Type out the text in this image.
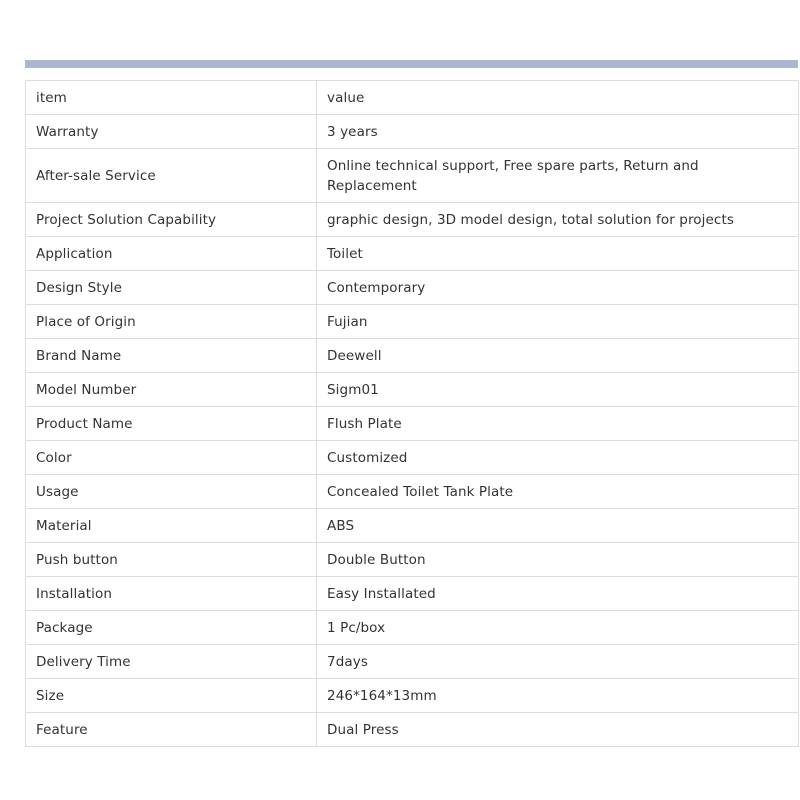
item	value
Warranty	3 years
After-sale Service	Online technical support, Free spare parts, Return and Replacement
Project Solution Capability	graphic design, 3D model design, total solution for projects
Application	Toilet
Design Style	Contemporary
Place of Origin	Fujian
Brand Name	Deewell
Model Number	Sigm01
Product Name	Flush Plate
Color	Customized
Usage	Concealed Toilet Tank Plate
Material	ABS
Push button	Double Button
Installation	Easy Installated
Package	1 Pc/box
Delivery Time	7days
Size	246*164*13mm
Feature	Dual Press
